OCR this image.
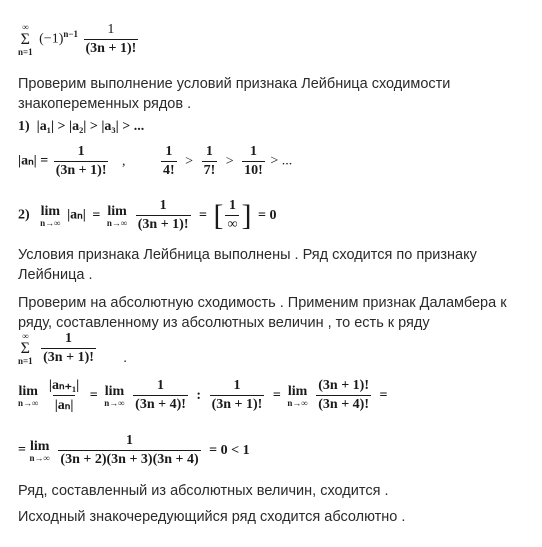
∞
Σ
n=1
$(-1)^{n-1} \frac{1}{(3n + 1)!}$
Проверим выполнение условий признака Лейбница сходимости
знакопеременных рядов .
1) |a₁| > |a₂| > |a₃| > ...
$|a_n| = \frac{1}{(3n + 1)!}$ ,	$\frac{1}{4!} > \frac{1}{7!} > \frac{1}{10!}$ > ...
2) lim
n→∞ |aₙ| = lim
n→∞
$\frac{1}{(3n + 1)!}$ = [ $\frac{1}{\infty}$ ] = 0
Условия признака Лейбница выполнены . Ряд сходится по признаку
Лейбница .
Проверим на абсолютную сходимость . Применим признак Даламбера к
ряду, составленному из абсолютных величин , то есть к ряду
∞
Σ
n=1
$\frac{1}{(3n + 1)!}$ .
lim
n→∞
$\frac{\text{|aₙ₊₁|}}{\text{|aₙ|}} = \lim$
n→∞
$\frac{1}{(3n + 4)!}$ : $\frac{1}{(3n + 1)!} = \lim$
n→∞
$\frac{(3n + 1)!}{(3n + 4)!}$ =
= lim
n→∞
$\frac{1}{(3n + 2)(3n + 3)(3n + 4)} = 0 < 1$
Ряд, составленный из абсолютных величин, сходится .
Исходный знакочередующийся ряд сходится абсолютно .
